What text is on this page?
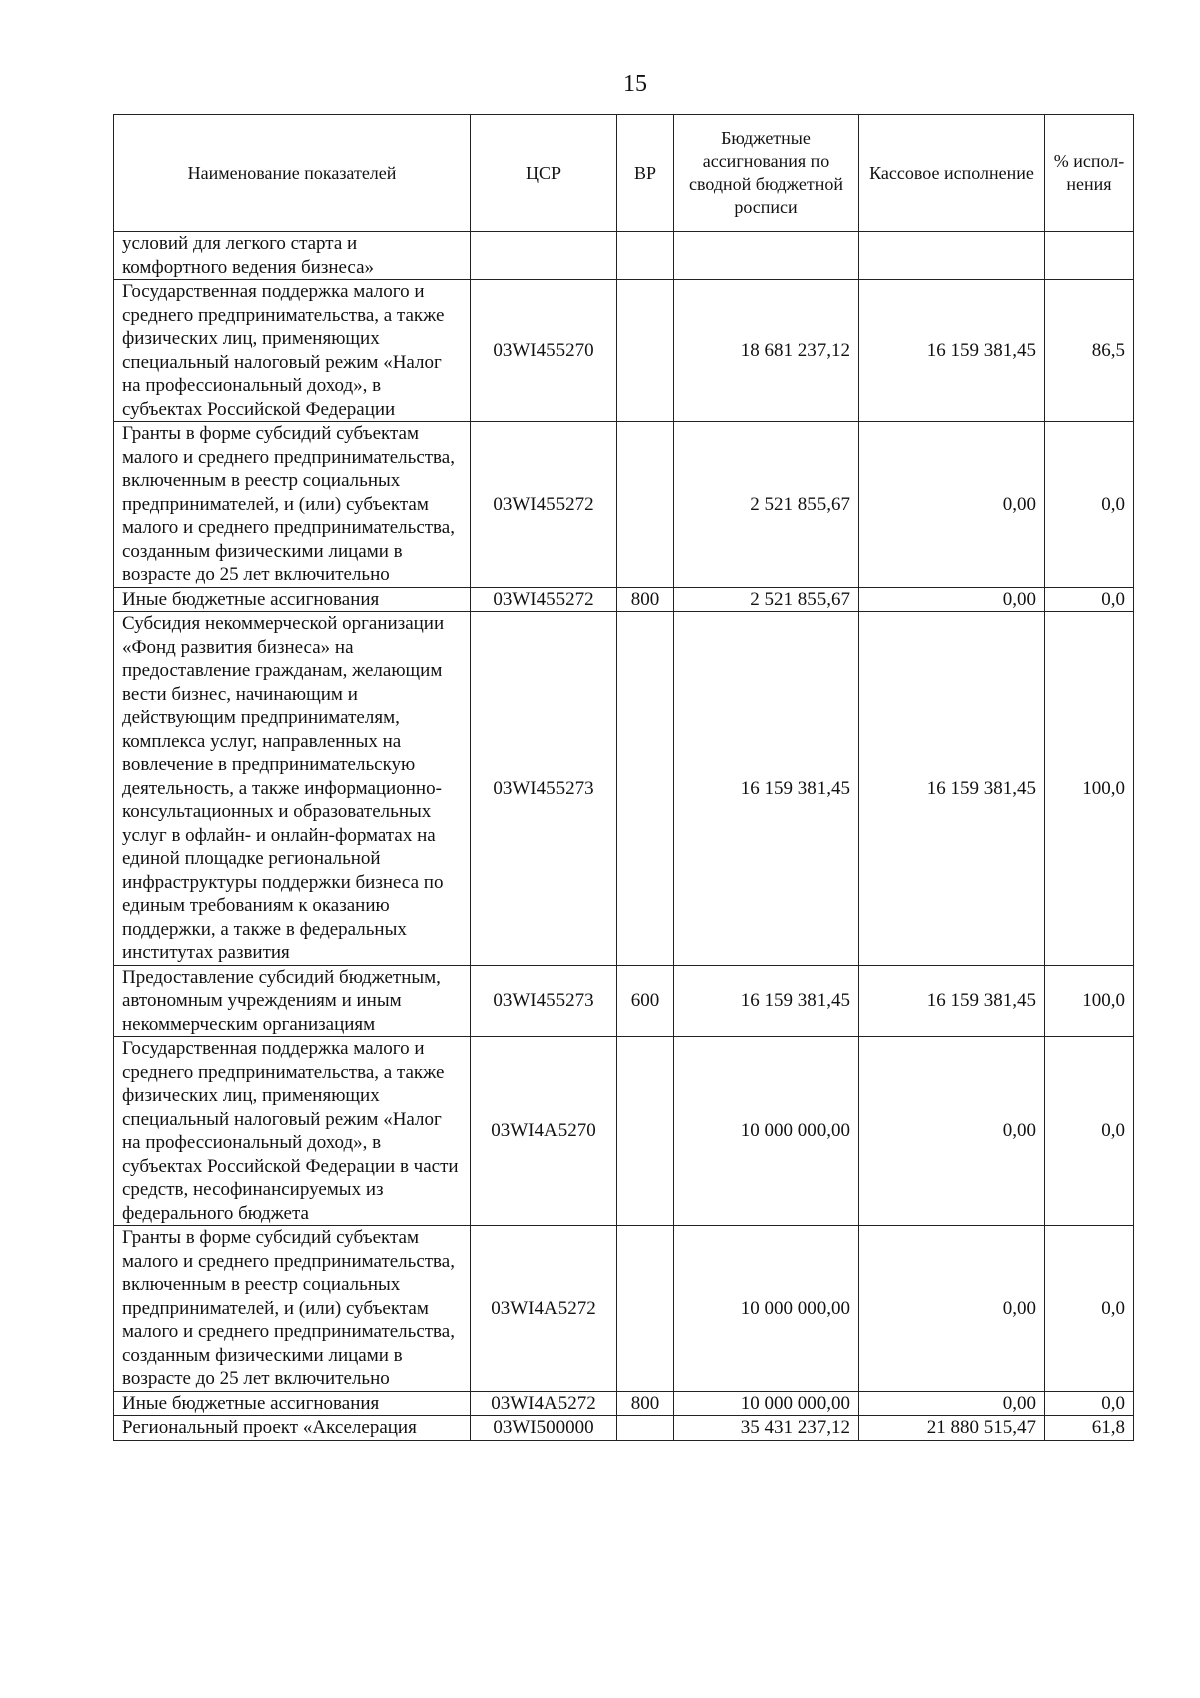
15
Наименование показателей	ЦСР	ВР	Бюджетные ассигнования по сводной бюджетной росписи	Кассовое исполнение	% испол-нения
условий для легкого старта и комфортного ведения бизнеса»					
Государственная поддержка малого и среднего предпринимательства, а также физических лиц, применяющих специальный налоговый режим «Налог на профессиональный доход», в субъектах Российской Федерации	03WI455270		18 681 237,12	16 159 381,45	86,5
Гранты в форме субсидий субъектам малого и среднего предпринимательства, включенным в реестр социальных предпринимателей, и (или) субъектам малого и среднего предпринимательства, созданным физическими лицами в возрасте до 25 лет включительно	03WI455272		2 521 855,67	0,00	0,0
Иные бюджетные ассигнования	03WI455272	800	2 521 855,67	0,00	0,0
Субсидия некоммерческой организации «Фонд развития бизнеса» на предоставление гражданам, желающим вести бизнес, начинающим и действующим предпринимателям, комплекса услуг, направленных на вовлечение в предпринимательскую деятельность, а также информационно-консультационных и образовательных услуг в офлайн- и онлайн-форматах на единой площадке региональной инфраструктуры поддержки бизнеса по единым требованиям к оказанию поддержки, а также в федеральных институтах развития	03WI455273		16 159 381,45	16 159 381,45	100,0
Предоставление субсидий бюджетным, автономным учреждениям и иным некоммерческим организациям	03WI455273	600	16 159 381,45	16 159 381,45	100,0
Государственная поддержка малого и среднего предпринимательства, а также физических лиц, применяющих специальный налоговый режим «Налог на профессиональный доход», в субъектах Российской Федерации в части средств, несофинансируемых из федерального бюджета	03WI4A5270		10 000 000,00	0,00	0,0
Гранты в форме субсидий субъектам малого и среднего предпринимательства, включенным в реестр социальных предпринимателей, и (или) субъектам малого и среднего предпринимательства, созданным физическими лицами в возрасте до 25 лет включительно	03WI4A5272		10 000 000,00	0,00	0,0
Иные бюджетные ассигнования	03WI4A5272	800	10 000 000,00	0,00	0,0
Региональный проект «Акселерация	03WI500000		35 431 237,12	21 880 515,47	61,8
